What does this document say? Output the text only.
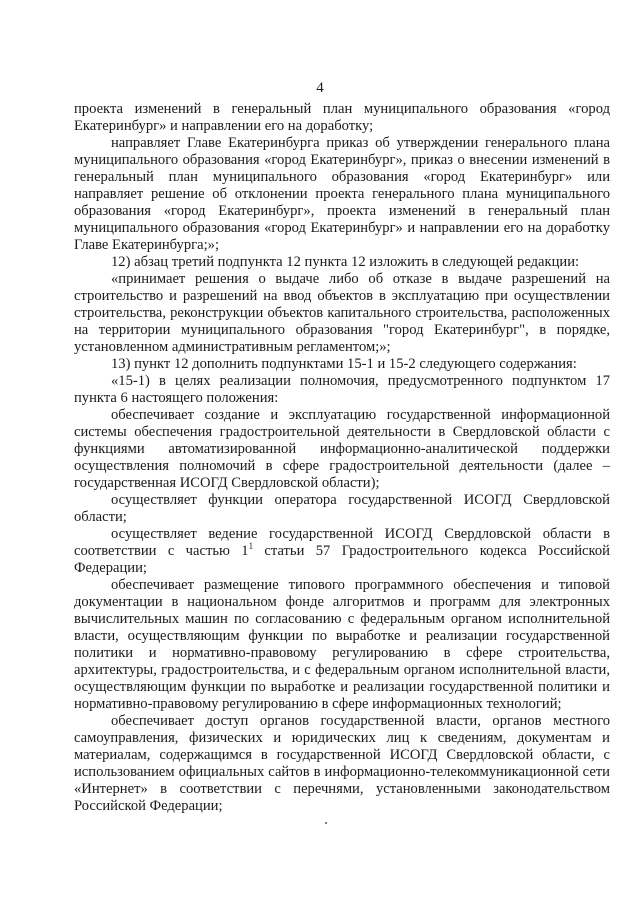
4

проекта изменений в генеральный план муниципального образования «город Екатеринбург» и направлении его на доработку;

направляет Главе Екатеринбурга приказ об утверждении генерального плана муниципального образования «город Екатеринбург», приказ о внесении изменений в генеральный план муниципального образования «город Екатеринбург» или направляет решение об отклонении проекта генерального плана муниципального образования «город Екатеринбург», проекта изменений в генеральный план муниципального образования «город Екатеринбург» и направлении его на доработку Главе Екатеринбурга;»;

12) абзац третий подпункта 12 пункта 12 изложить в следующей редакции:

«принимает решения о выдаче либо об отказе в выдаче разрешений на строительство и разрешений на ввод объектов в эксплуатацию при осуществлении строительства, реконструкции объектов капитального строительства, расположенных на территории муниципального образования "город Екатеринбург", в порядке, установленном административным регламентом;»;

13) пункт 12 дополнить подпунктами 15-1 и 15-2 следующего содержания:

«15-1) в целях реализации полномочия, предусмотренного подпунктом 17 пункта 6 настоящего положения:

обеспечивает создание и эксплуатацию государственной информационной системы обеспечения градостроительной деятельности в Свердловской области с функциями автоматизированной информационно-аналитической поддержки осуществления полномочий в сфере градостроительной деятельности (далее – государственная ИСОГД Свердловской области);

осуществляет функции оператора государственной ИСОГД Свердловской области;

осуществляет ведение государственной ИСОГД Свердловской области в соответствии с частью $1^1$ статьи 57 Градостроительного кодекса Российской Федерации;

обеспечивает размещение типового программного обеспечения и типовой документации в национальном фонде алгоритмов и программ для электронных вычислительных машин по согласованию с федеральным органом исполнительной власти, осуществляющим функции по выработке и реализации государственной политики и нормативно-правовому регулированию в сфере строительства, архитектуры, градостроительства, и с федеральным органом исполнительной власти, осуществляющим функции по выработке и реализации государственной политики и нормативно-правовому регулированию в сфере информационных технологий;

обеспечивает доступ органов государственной власти, органов местного самоуправления, физических и юридических лиц к сведениям, документам и материалам, содержащимся в государственной ИСОГД Свердловской области, с использованием официальных сайтов в информационно-телекоммуникационной сети «Интернет» в соответствии с перечнями, установленными законодательством Российской Федерации;
